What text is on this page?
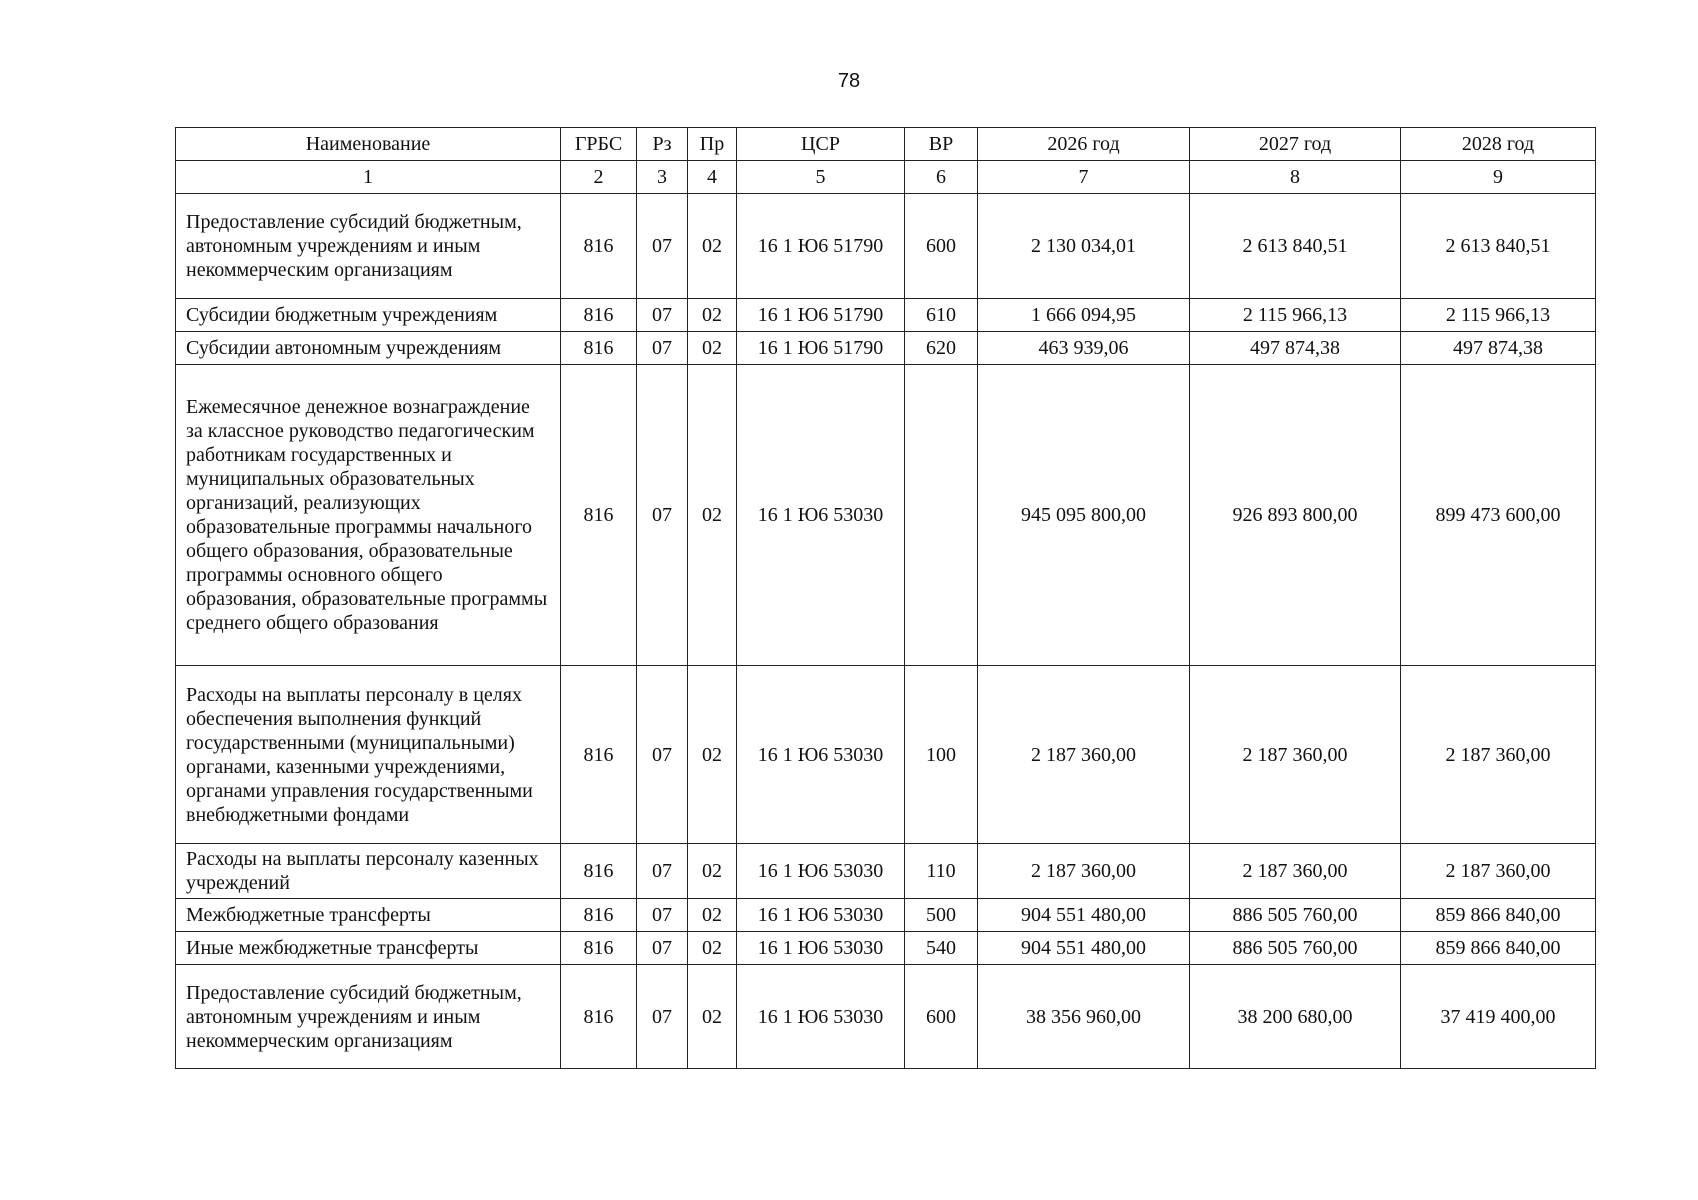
78
Наименование	ГРБС	Рз	Пр	ЦСР	ВР	2026 год	2027 год	2028 год
1	2	3	4	5	6	7	8	9
Предоставление субсидий бюджетным, автономным учреждениям и иным некоммерческим организациям	816	07	02	16 1 Ю6 51790	600	2 130 034,01	2 613 840,51	2 613 840,51
Субсидии бюджетным учреждениям	816	07	02	16 1 Ю6 51790	610	1 666 094,95	2 115 966,13	2 115 966,13
Субсидии автономным учреждениям	816	07	02	16 1 Ю6 51790	620	463 939,06	497 874,38	497 874,38
Ежемесячное денежное вознаграждение за классное руководство педагогическим работникам государственных и муниципальных образовательных организаций, реализующих образовательные программы начального общего образования, образовательные программы основного общего образования, образовательные программы среднего общего образования	816	07	02	16 1 Ю6 53030		945 095 800,00	926 893 800,00	899 473 600,00
Расходы на выплаты персоналу в целях обеспечения выполнения функций государственными (муниципальными) органами, казенными учреждениями, органами управления государственными внебюджетными фондами	816	07	02	16 1 Ю6 53030	100	2 187 360,00	2 187 360,00	2 187 360,00
Расходы на выплаты персоналу казенных учреждений	816	07	02	16 1 Ю6 53030	110	2 187 360,00	2 187 360,00	2 187 360,00
Межбюджетные трансферты	816	07	02	16 1 Ю6 53030	500	904 551 480,00	886 505 760,00	859 866 840,00
Иные межбюджетные трансферты	816	07	02	16 1 Ю6 53030	540	904 551 480,00	886 505 760,00	859 866 840,00
Предоставление субсидий бюджетным, автономным учреждениям и иным некоммерческим организациям	816	07	02	16 1 Ю6 53030	600	38 356 960,00	38 200 680,00	37 419 400,00
